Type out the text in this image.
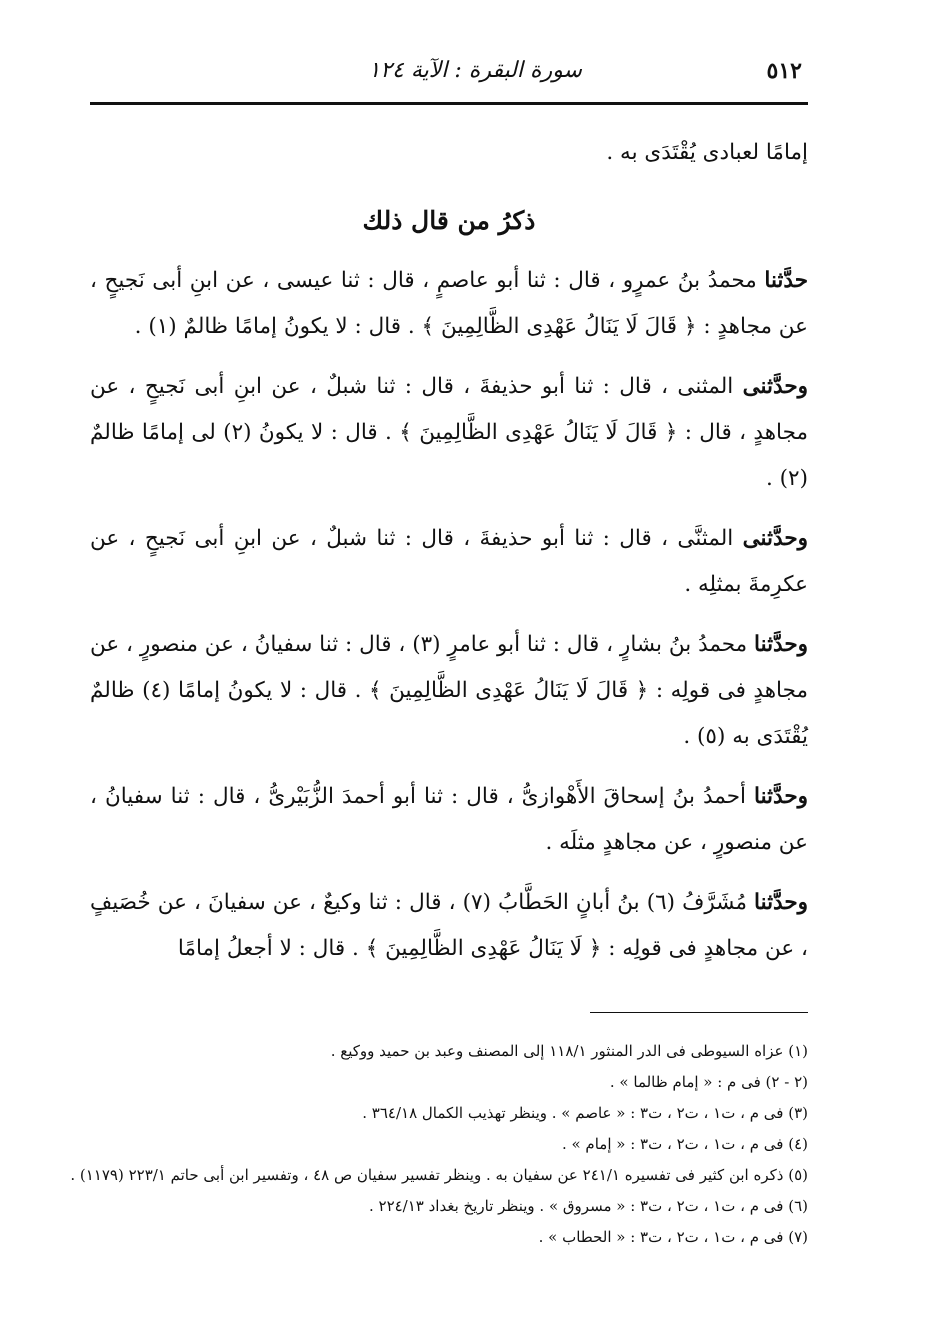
٥١٢
سورة البقرة : الآية ١٢٤

إمامًا لعبادى يُقْتَدَى به .

ذكرُ من قال ذلك

حدَّثنا محمدُ بنُ عمرٍو ، قال : ثنا أبو عاصمٍ ، قال : ثنا عيسى ، عن ابنِ أبى نَجيحٍ ، عن مجاهدٍ : ﴿ قَالَ لَا يَنَالُ عَهْدِى الظَّالِمِينَ ﴾ . قال : لا يكونُ إمامًا ظالمٌ (١) .

وحدَّثنى المثنى ، قال : ثنا أبو حذيفةَ ، قال : ثنا شبلٌ ، عن ابنِ أبى نَجيحٍ ، عن مجاهدٍ ، قال : ﴿ قَالَ لَا يَنَالُ عَهْدِى الظَّالِمِينَ ﴾ . قال : لا يكونُ (٢) لى إمامًا ظالمٌ (٢) .

وحدَّثنى المثنَّى ، قال : ثنا أبو حذيفةَ ، قال : ثنا شبلٌ ، عن ابنِ أبى نَجيحٍ ، عن عكرِمةَ بمثلِه .

وحدَّثنا محمدُ بنُ بشارٍ ، قال : ثنا أبو عامرٍ (٣) ، قال : ثنا سفيانُ ، عن منصورٍ ، عن مجاهدٍ فى قولِه : ﴿ قَالَ لَا يَنَالُ عَهْدِى الظَّالِمِينَ ﴾ . قال : لا يكونُ إمامًا (٤) ظالمٌ يُقْتَدَى به (٥) .

وحدَّثنا أحمدُ بنُ إسحاقَ الأَهْوازىُّ ، قال : ثنا أبو أحمدَ الزُّبَيْرىُّ ، قال : ثنا سفيانُ ، عن منصورٍ ، عن مجاهدٍ مثلَه .

وحدَّثنا مُشَرَّفُ (٦) بنُ أبانٍ الحَطَّابُ (٧) ، قال : ثنا وكيعٌ ، عن سفيانَ ، عن خُصَيفٍ ، عن مجاهدٍ فى قولِه : ﴿ لَا يَنَالُ عَهْدِى الظَّالِمِينَ ﴾ . قال : لا أجعلُ إمامًا

(١) عزاه السيوطى فى الدر المنثور ١١٨/١ إلى المصنف وعبد بن حميد ووكيع .
(٢ - ٢) فى م : « إمام ظالما » .
(٣) فى م ، ت١ ، ت٢ ، ت٣ : « عاصم » . وينظر تهذيب الكمال ٣٦٤/١٨ .
(٤) فى م ، ت١ ، ت٢ ، ت٣ : « إمام » .
(٥) ذكره ابن كثير فى تفسيره ٢٤١/١ عن سفيان به . وينظر تفسير سفيان ص ٤٨ ، وتفسير ابن أبى حاتم ٢٢٣/١ (١١٧٩) .
(٦) فى م ، ت١ ، ت٢ ، ت٣ : « مسروق » . وينظر تاريخ بغداد ٢٢٤/١٣ .
(٧) فى م ، ت١ ، ت٢ ، ت٣ : « الحطاب » .
